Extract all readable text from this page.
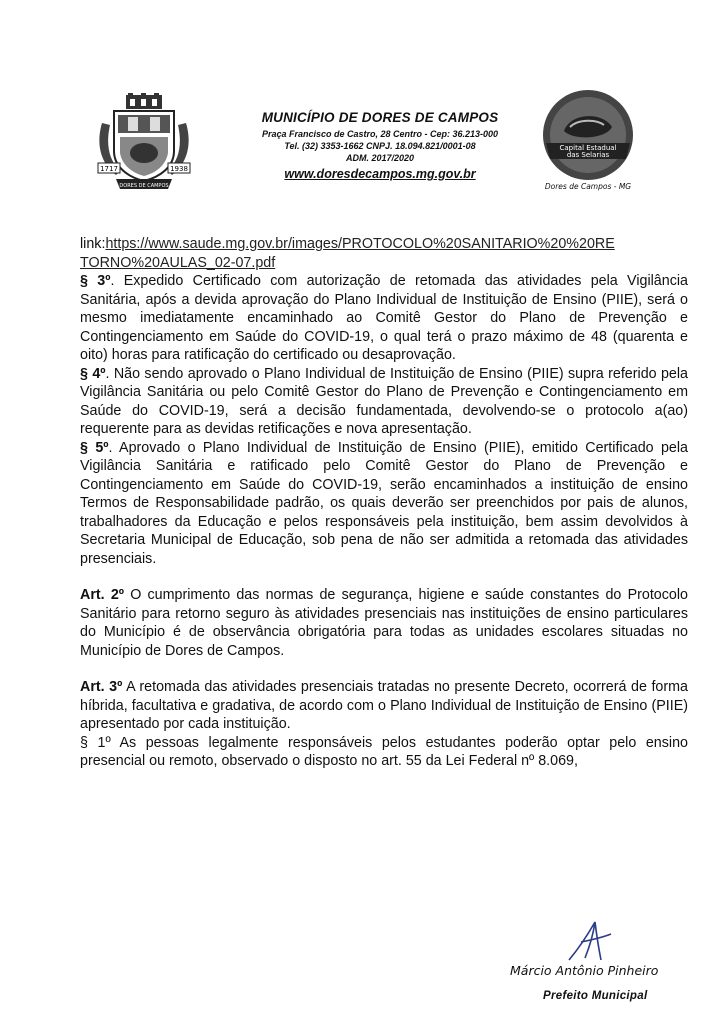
1717	1938
DORES DE CAMPOS
MUNICÍPIO DE DORES DE CAMPOS
Praça Francisco de Castro, 28 Centro - Cep: 36.213-000
Tel. (32) 3353-1662 CNPJ. 18.094.821/0001-08
ADM. 2017/2020
www.doresdecampos.mg.gov.br
Capital Estadual
das Selarias
Dores de Campos - MG

link:https://www.saude.mg.gov.br/images/PROTOCOLO%20SANITARIO%20%20RE
TORNO%20AULAS_02-07.pdf

§ 3º. Expedido Certificado com autorização de retomada das atividades pela Vigilância Sanitária, após a devida aprovação do Plano Individual de Instituição de Ensino (PIIE), será o mesmo imediatamente encaminhado ao Comitê Gestor do Plano de Prevenção e Contingenciamento em Saúde do COVID-19, o qual terá o prazo máximo de 48 (quarenta e oito) horas para ratificação do certificado ou desaprovação.

§ 4º. Não sendo aprovado o Plano Individual de Instituição de Ensino (PIIE) supra referido pela Vigilância Sanitária ou pelo Comitê Gestor do Plano de Prevenção e Contingenciamento em Saúde do COVID-19, será a decisão fundamentada, devolvendo-se o protocolo a(ao) requerente para as devidas retificações e nova apresentação.

§ 5º. Aprovado o Plano Individual de Instituição de Ensino (PIIE), emitido Certificado pela Vigilância Sanitária e ratificado pelo Comitê Gestor do Plano de Prevenção e Contingenciamento em Saúde do COVID-19, serão encaminhados a instituição de ensino Termos de Responsabilidade padrão, os quais deverão ser preenchidos por pais de alunos, trabalhadores da Educação e pelos responsáveis pela instituição, bem assim devolvidos à Secretaria Municipal de Educação, sob pena de não ser admitida a retomada das atividades presenciais.

Art. 2º O cumprimento das normas de segurança, higiene e saúde constantes do Protocolo Sanitário para retorno seguro às atividades presenciais nas instituições de ensino particulares do Município é de observância obrigatória para todas as unidades escolares situadas no Município de Dores de Campos.

Art. 3º A retomada das atividades presenciais tratadas no presente Decreto, ocorrerá de forma híbrida, facultativa e gradativa, de acordo com o Plano Individual de Instituição de Ensino (PIIE) apresentado por cada instituição.

§ 1º As pessoas legalmente responsáveis pelos estudantes poderão optar pelo ensino presencial ou remoto, observado o disposto no art. 55 da Lei Federal nº 8.069,

Márcio Antônio Pinheiro
Prefeito Municipal
